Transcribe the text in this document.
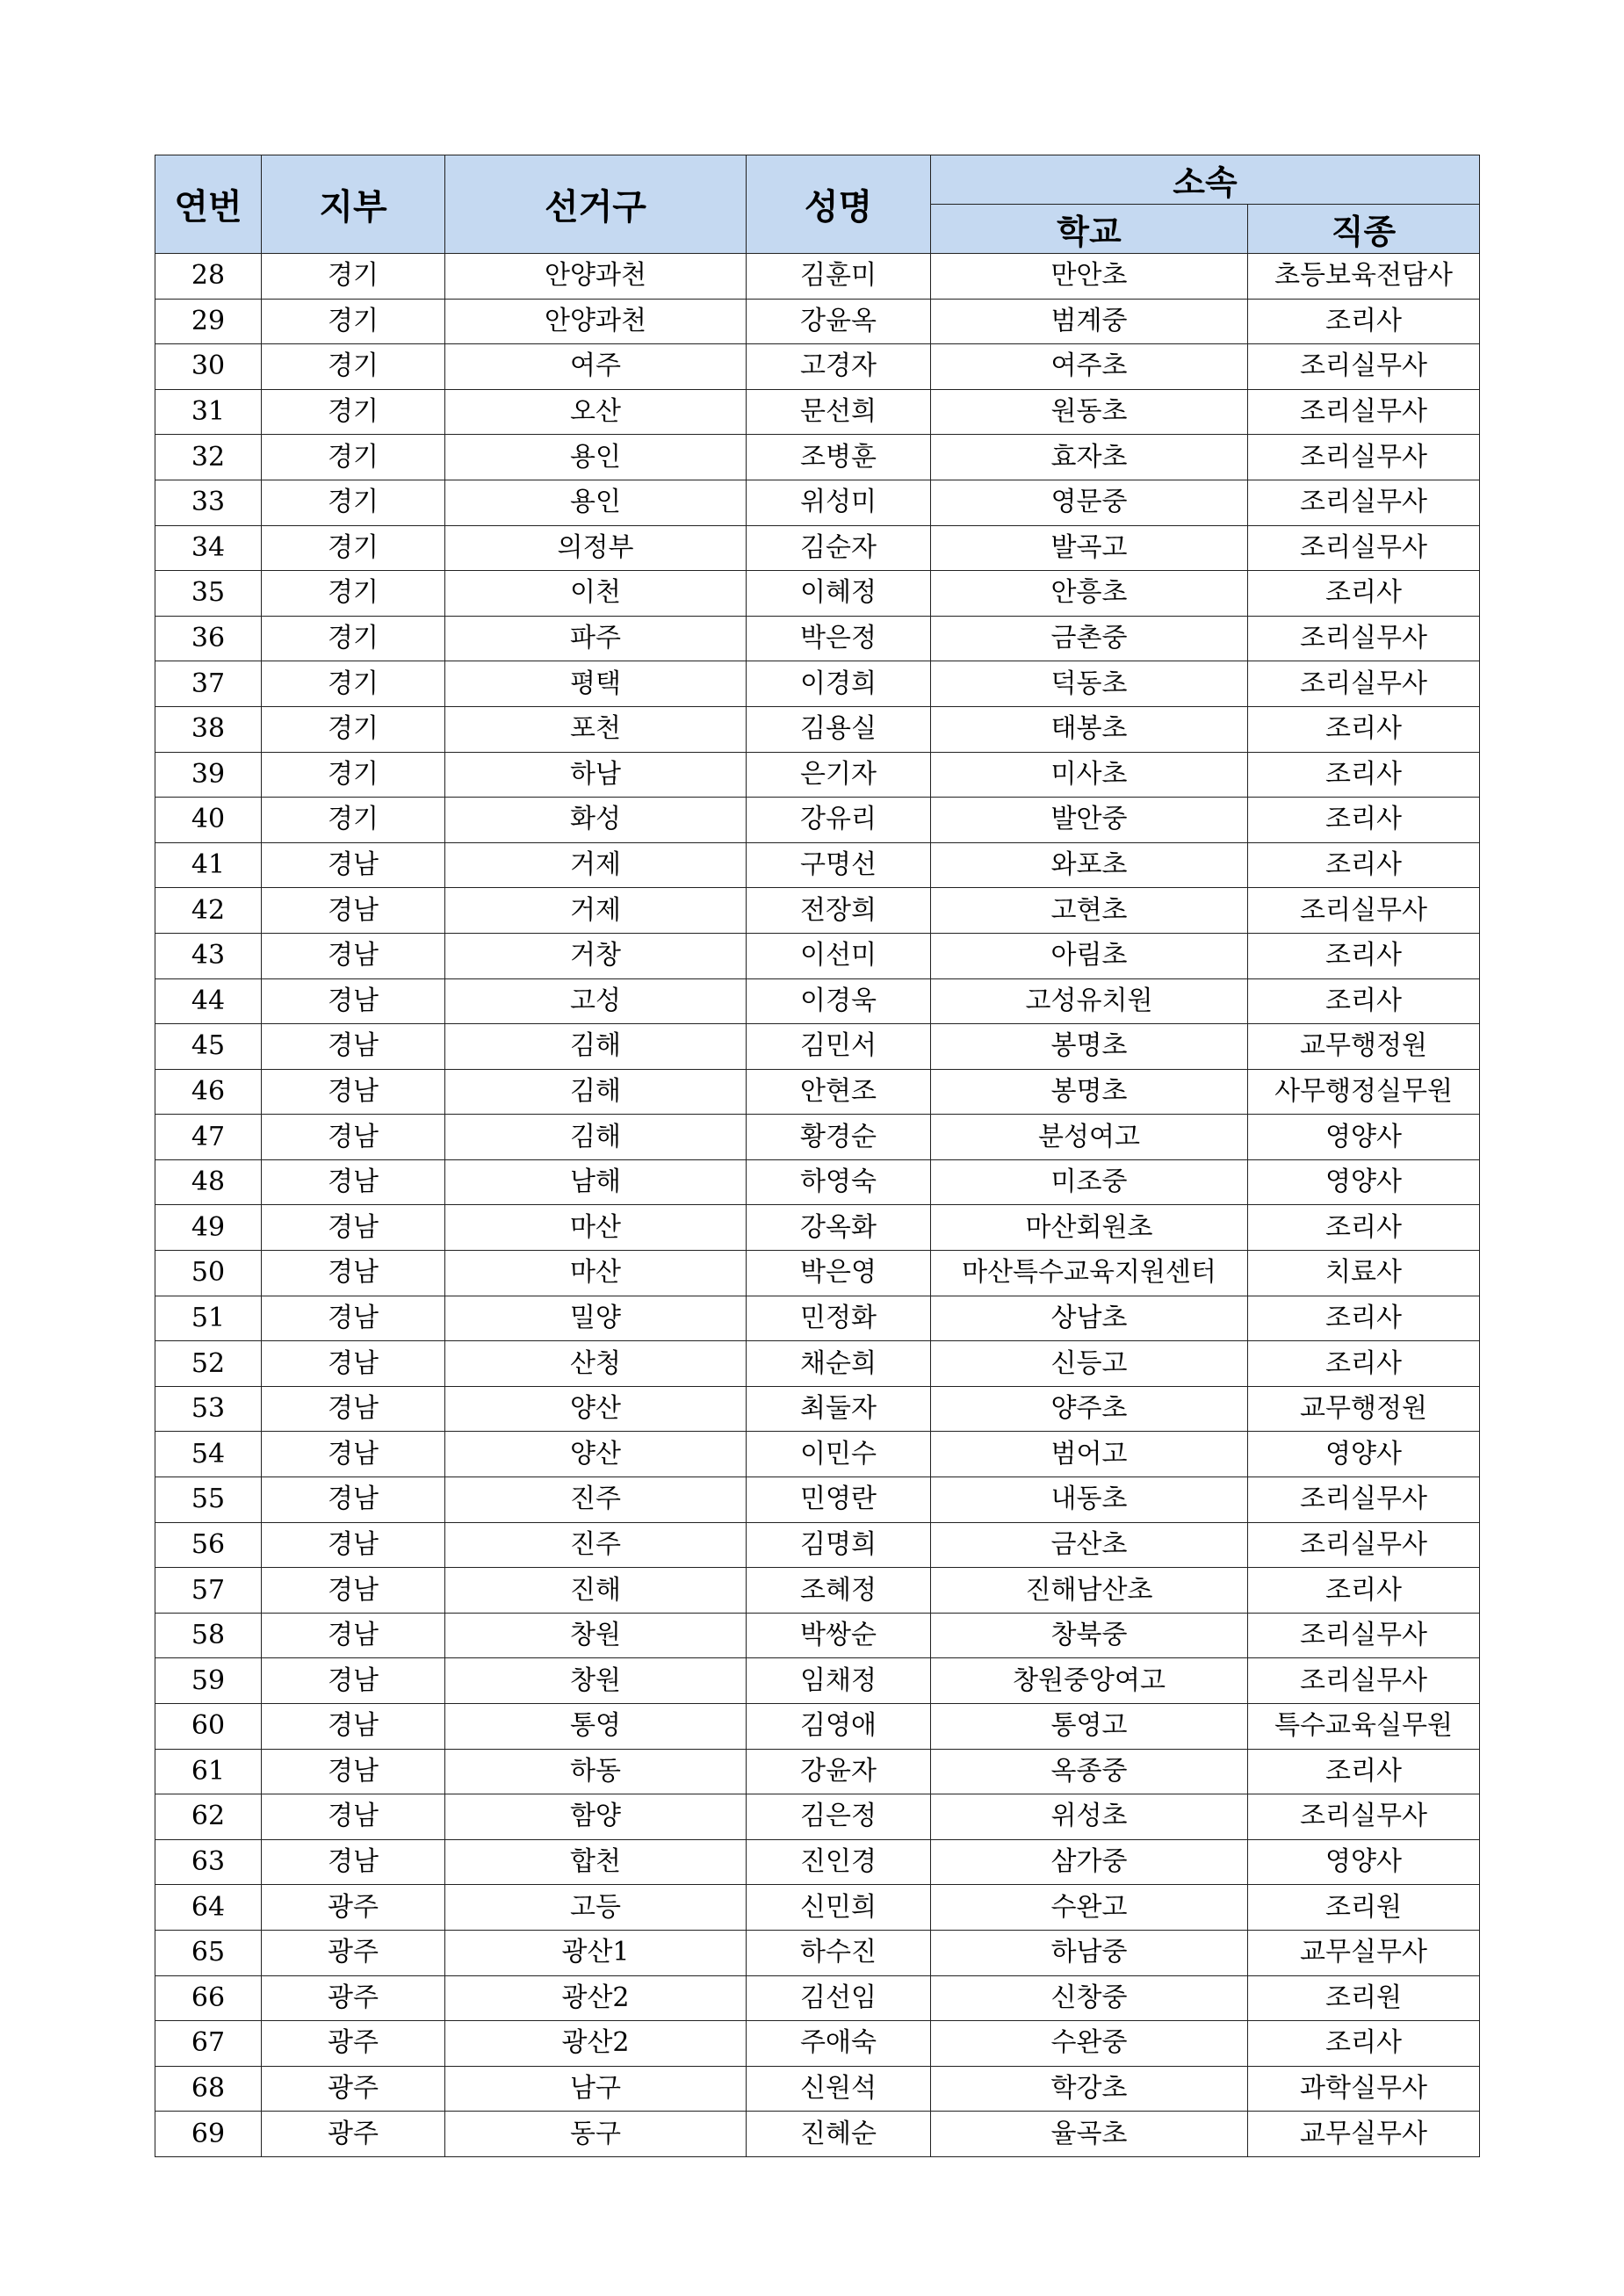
연번	지부	선거구	성명	소속	
				학교	직종
28	경기	안양과천	김훈미	만안초	초등보육전담사
29	경기	안양과천	강윤옥	범계중	조리사
30	경기	여주	고경자	여주초	조리실무사
31	경기	오산	문선희	원동초	조리실무사
32	경기	용인	조병훈	효자초	조리실무사
33	경기	용인	위성미	영문중	조리실무사
34	경기	의정부	김순자	발곡고	조리실무사
35	경기	이천	이혜정	안흥초	조리사
36	경기	파주	박은정	금촌중	조리실무사
37	경기	평택	이경희	덕동초	조리실무사
38	경기	포천	김용실	태봉초	조리사
39	경기	하남	은기자	미사초	조리사
40	경기	화성	강유리	발안중	조리사
41	경남	거제	구명선	와포초	조리사
42	경남	거제	전장희	고현초	조리실무사
43	경남	거창	이선미	아림초	조리사
44	경남	고성	이경욱	고성유치원	조리사
45	경남	김해	김민서	봉명초	교무행정원
46	경남	김해	안현조	봉명초	사무행정실무원
47	경남	김해	황경순	분성여고	영양사
48	경남	남해	하영숙	미조중	영양사
49	경남	마산	강옥화	마산회원초	조리사
50	경남	마산	박은영	마산특수교육지원센터	치료사
51	경남	밀양	민정화	상남초	조리사
52	경남	산청	채순희	신등고	조리사
53	경남	양산	최둘자	양주초	교무행정원
54	경남	양산	이민수	범어고	영양사
55	경남	진주	민영란	내동초	조리실무사
56	경남	진주	김명희	금산초	조리실무사
57	경남	진해	조혜정	진해남산초	조리사
58	경남	창원	박쌍순	창북중	조리실무사
59	경남	창원	임채정	창원중앙여고	조리실무사
60	경남	통영	김영애	통영고	특수교육실무원
61	경남	하동	강윤자	옥종중	조리사
62	경남	함양	김은정	위성초	조리실무사
63	경남	합천	진인경	삼가중	영양사
64	광주	고등	신민희	수완고	조리원
65	광주	광산1	하수진	하남중	교무실무사
66	광주	광산2	김선임	신창중	조리원
67	광주	광산2	주애숙	수완중	조리사
68	광주	남구	신원석	학강초	과학실무사
69	광주	동구	진혜순	율곡초	교무실무사
